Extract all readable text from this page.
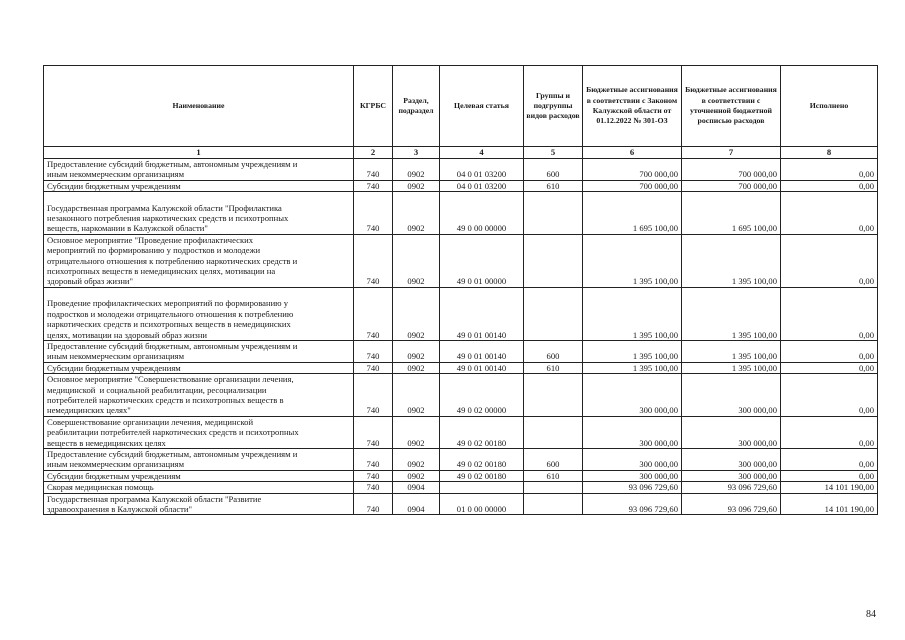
Наименование	КГРБС	Раздел, подраздел	Целевая статья	Группы и подгруппы видов расходов	Бюджетные ассигнования в соответствии с Законом Калужской области от 01.12.2022 № 301-ОЗ	Бюджетные ассигнования в соответствии с уточненной бюджетной росписью расходов	Исполнено
1	2	3	4	5	6	7	8
Предоставление субсидий бюджетным, автономным учреждениям и
иным некоммерческим организациям	740	0902	04 0 01 03200	600	700 000,00	700 000,00	0,00
Субсидии бюджетным учреждениям	740	0902	04 0 01 03200	610	700 000,00	700 000,00	0,00

Государственная программа Калужской области "Профилактика
незаконного потребления наркотических средств и психотропных
веществ, наркомании в Калужской области"	740	0902	49 0 00 00000		1 695 100,00	1 695 100,00	0,00
Основное мероприятие "Проведение профилактических
мероприятий по формированию у подростков и молодежи
отрицательного отношения к потреблению наркотических средств и
психотропных веществ в немедицинских целях, мотивации на
здоровый образ жизни"	740	0902	49 0 01 00000		1 395 100,00	1 395 100,00	0,00

Проведение профилактических мероприятий по формированию у
подростков и молодежи отрицательного отношения к потреблению
наркотических средств и психотропных веществ в немедицинских
целях, мотивации на здоровый образ жизни	740	0902	49 0 01 00140		1 395 100,00	1 395 100,00	0,00
Предоставление субсидий бюджетным, автономным учреждениям и
иным некоммерческим организациям	740	0902	49 0 01 00140	600	1 395 100,00	1 395 100,00	0,00
Субсидии бюджетным учреждениям	740	0902	49 0 01 00140	610	1 395 100,00	1 395 100,00	0,00
Основное мероприятие "Совершенствование организации лечения,
медицинской  и социальной реабилитации, ресоциализации
потребителей наркотических средств и психотропных веществ в
немедицинских целях"	740	0902	49 0 02 00000		300 000,00	300 000,00	0,00
Совершенствование организации лечения, медицинской
реабилитации потребителей наркотических средств и психотропных
веществ в немедицинских целях	740	0902	49 0 02 00180		300 000,00	300 000,00	0,00
Предоставление субсидий бюджетным, автономным учреждениям и
иным некоммерческим организациям	740	0902	49 0 02 00180	600	300 000,00	300 000,00	0,00
Субсидии бюджетным учреждениям	740	0902	49 0 02 00180	610	300 000,00	300 000,00	0,00
Скорая медицинская помощь	740	0904			93 096 729,60	93 096 729,60	14 101 190,00
Государственная программа Калужской области "Развитие
здравоохранения в Калужской области"	740	0904	01 0 00 00000		93 096 729,60	93 096 729,60	14 101 190,00
84
